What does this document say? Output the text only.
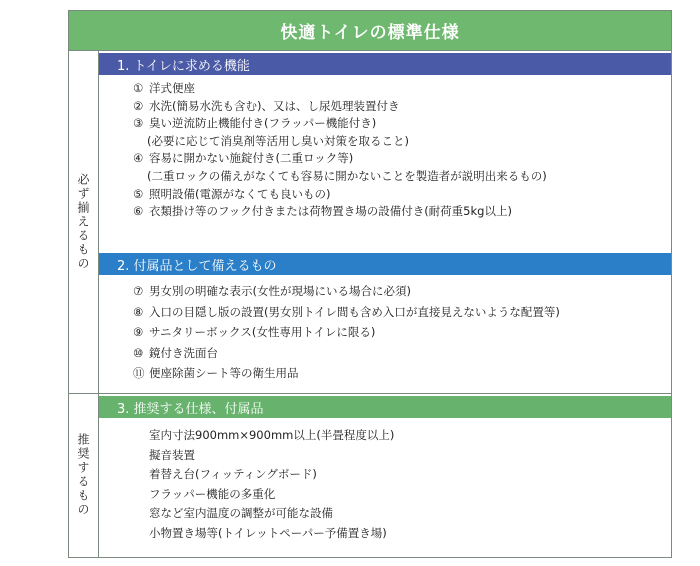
快適トイレの標準仕様
必ず揃えるもの
推奨するもの
1. トイレに求める機能
① 洋式便座
② 水洗(簡易水洗も含む)、又は、し尿処理装置付き
③ 臭い逆流防止機能付き(フラッパー機能付き)
(必要に応じて消臭剤等活用し臭い対策を取ること)
④ 容易に開かない施錠付き(二重ロック等)
(二重ロックの備えがなくても容易に開かないことを製造者が説明出来るもの)
⑤ 照明設備(電源がなくても良いもの)
⑥ 衣類掛け等のフック付きまたは荷物置き場の設備付き(耐荷重5kg以上)
2. 付属品として備えるもの
⑦ 男女別の明確な表示(女性が現場にいる場合に必須)
⑧ 入口の目隠し版の設置(男女別トイレ間も含め入口が直接見えないような配置等)
⑨ サニタリーボックス(女性専用トイレに限る)
⑩ 鏡付き洗面台
⑪ 便座除菌シート等の衛生用品
3. 推奨する仕様、付属品
室内寸法900mm×900mm以上(半畳程度以上)
擬音装置
着替え台(フィッティングボード)
フラッパー機能の多重化
窓など室内温度の調整が可能な設備
小物置き場等(トイレットペーパー予備置き場)
